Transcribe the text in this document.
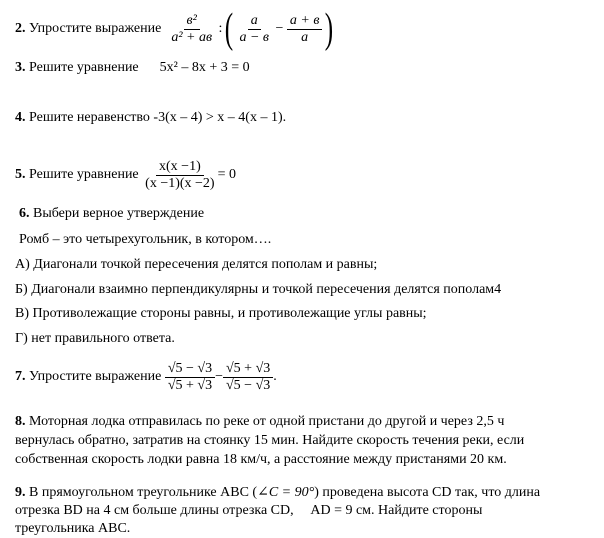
2.
Упростите выражение
$\frac{\text{в²}}{\text{a² + aв}}$
: ( $\frac{a}{a - в}$
−
$\frac{a + в}{a}$ )
3. Решите уравнение 5x² – 8x + 3 = 0
4. Решите неравенство -3(x – 4) > x – 4(x – 1).
5.
Решите уравнение
$\frac{x(x -1)}{(x -1)(x -2)} = 0$
6. Выбери верное утверждение
Ромб – это четырехугольник, в котором….
А) Диагонали точкой пересечения делятся пополам и равны;
Б) Диагонали взаимно перпендикулярны и точкой пересечения делятся пополам4
В) Противолежащие стороны равны, и противолежащие углы равны;
Г) нет правильного ответа.
7.
Упростите выражение
$\frac{√5 - √3}{√5 + √3} - \frac{√5 + √3}{√5 - √3}$ .
8. Моторная лодка отправилась по реке от одной пристани до другой и через 2,5 ч
вернулась обратно, затратив на стоянку 15 мин. Найдите скорость течения реки, если
собственная скорость лодки равна 18 км/ч, а расстояние между пристанями 20 км.
9. В прямоугольном треугольнике АВС (∠C = 90°) проведена высота CD так, что длина
отрезка BD на 4 см больше длины отрезка CD,     AD = 9 см. Найдите стороны
треугольника АВС.
